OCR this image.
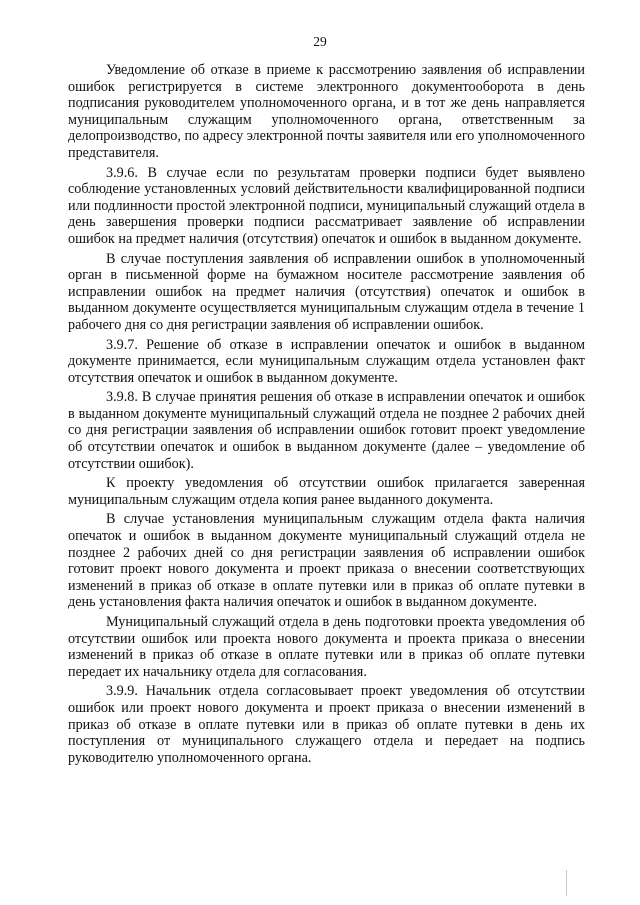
29

Уведомление об отказе в приеме к рассмотрению заявления об исправлении ошибок регистрируется в системе электронного документооборота в день подписания руководителем уполномоченного органа, и в тот же день направляется муниципальным служащим уполномоченного органа, ответственным за делопроизводство, по адресу электронной почты заявителя или его уполномоченного представителя.

3.9.6. В случае если по результатам проверки подписи будет выявлено соблюдение установленных условий действительности квалифицированной подписи или подлинности простой электронной подписи, муниципальный служащий отдела в день завершения проверки подписи рассматривает заявление об исправлении ошибок на предмет наличия (отсутствия) опечаток и ошибок в выданном документе.

В случае поступления заявления об исправлении ошибок в уполномоченный орган в письменной форме на бумажном носителе рассмотрение заявления об исправлении ошибок на предмет наличия (отсутствия) опечаток и ошибок в выданном документе осуществляется муниципальным служащим отдела в течение 1 рабочего дня со дня регистрации заявления об исправлении ошибок.

3.9.7. Решение об отказе в исправлении опечаток и ошибок в выданном документе принимается, если муниципальным служащим отдела установлен факт отсутствия опечаток и ошибок в выданном документе.

3.9.8. В случае принятия решения об отказе в исправлении опечаток и ошибок в выданном документе муниципальный служащий отдела не позднее 2 рабочих дней со дня регистрации заявления об исправлении ошибок готовит проект уведомление об отсутствии опечаток и ошибок в выданном документе (далее – уведомление об отсутствии ошибок).

К проекту уведомления об отсутствии ошибок прилагается заверенная муниципальным служащим отдела копия ранее выданного документа.

В случае установления муниципальным служащим отдела факта наличия опечаток и ошибок в выданном документе муниципальный служащий отдела не позднее 2 рабочих дней со дня регистрации заявления об исправлении ошибок готовит проект нового документа и проект приказа о внесении соответствующих изменений в приказ об отказе в оплате путевки или в приказ об оплате путевки в день установления факта наличия опечаток и ошибок в выданном документе.

Муниципальный служащий отдела в день подготовки проекта уведомления об отсутствии ошибок или проекта нового документа и проекта приказа о внесении изменений в приказ об отказе в оплате путевки или в приказ об оплате путевки передает их начальнику отдела для согласования.

3.9.9. Начальник отдела согласовывает проект уведомления об отсутствии ошибок или проект нового документа и проект приказа о внесении изменений в приказ об отказе в оплате путевки или в приказ об оплате путевки в день их поступления от муниципального служащего отдела и передает на подпись руководителю уполномоченного органа.
